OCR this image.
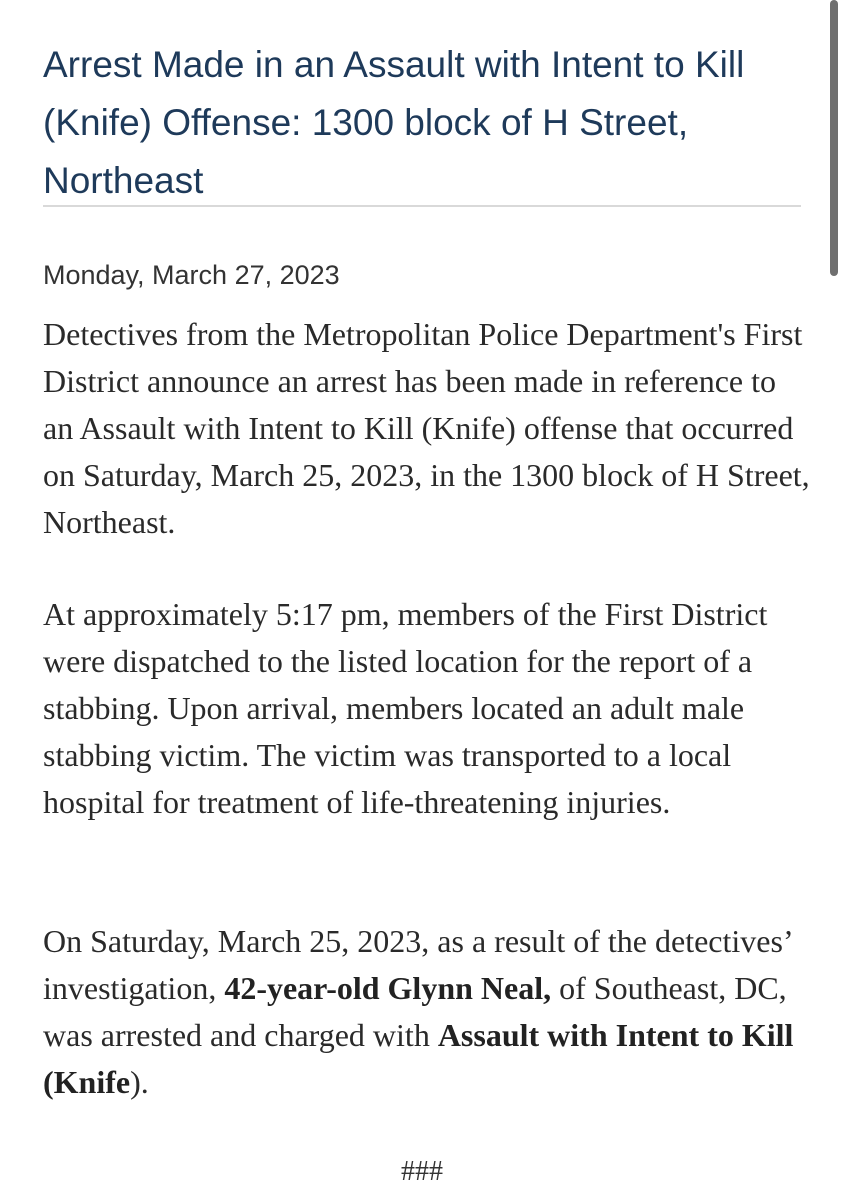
Arrest Made in an Assault with Intent to Kill (Knife) Offense: 1300 block of H Street, Northeast

Monday, March 27, 2023

Detectives from the Metropolitan Police Department's First District announce an arrest has been made in reference to an Assault with Intent to Kill (Knife) offense that occurred on Saturday, March 25, 2023, in the 1300 block of H Street, Northeast.

At approximately 5:17 pm, members of the First District were dispatched to the listed location for the report of a stabbing. Upon arrival, members located an adult male stabbing victim. The victim was transported to a local hospital for treatment of life-threatening injuries.

On Saturday, March 25, 2023, as a result of the detectives’ investigation, 42-year-old Glynn Neal, of Southeast, DC, was arrested and charged with Assault with Intent to Kill (Knife).

###
